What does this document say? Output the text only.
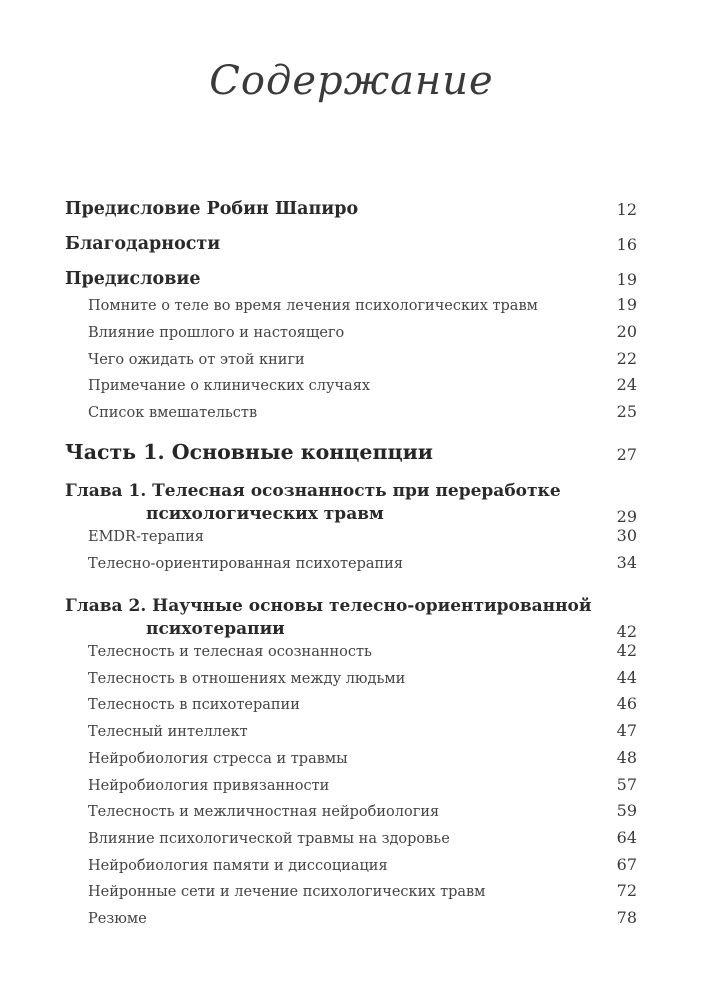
Содержание
Предисловие Робин Шапиро	12
Благодарности	16
Предисловие	19
Помните о теле во время лечения психологических травм	19
Влияние прошлого и настоящего	20
Чего ожидать от этой книги	22
Примечание о клинических случаях	24
Список вмешательств	25
Часть 1. Основные концепции	27
Глава 1. Телесная осознанность при переработке
психологических травм	29
EMDR-терапия	30
Телесно-ориентированная психотерапия	34
Глава 2. Научные основы телесно-ориентированной
психотерапии	42
Телесность и телесная осознанность	42
Телесность в отношениях между людьми	44
Телесность в психотерапии	46
Телесный интеллект	47
Нейробиология стресса и травмы	48
Нейробиология привязанности	57
Телесность и межличностная нейробиология	59
Влияние психологической травмы на здоровье	64
Нейробиология памяти и диссоциация	67
Нейронные сети и лечение психологических травм	72
Резюме	78
